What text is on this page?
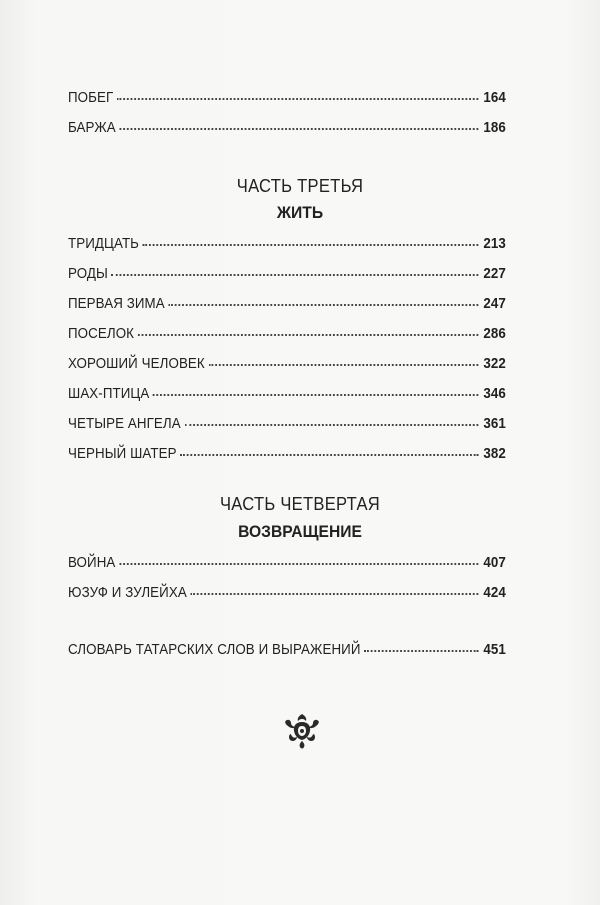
ПОБЕГ	164
БАРЖА	186
ЧАСТЬ ТРЕТЬЯ
ЖИТЬ
ТРИДЦАТЬ	213
РОДЫ	227
ПЕРВАЯ ЗИМА	247
ПОСЕЛОК	286
ХОРОШИЙ ЧЕЛОВЕК	322
ШАХ-ПТИЦА	346
ЧЕТЫРЕ АНГЕЛА	361
ЧЕРНЫЙ ШАТЕР	382
ЧАСТЬ ЧЕТВЕРТАЯ
ВОЗВРАЩЕНИЕ
ВОЙНА	407
ЮЗУФ И ЗУЛЕЙХА	424
СЛОВАРЬ ТАТАРСКИХ СЛОВ И ВЫРАЖЕНИЙ	451
